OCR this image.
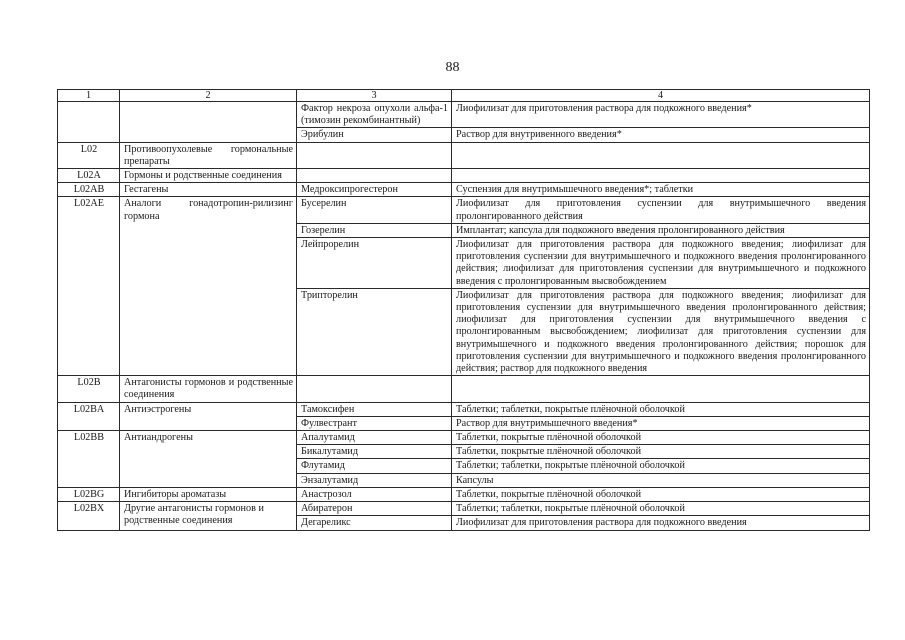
88
1	2	3	4
		Фактор некроза опухоли альфа-1 (тимозин рекомбинантный)	Лиофилизат для приготовления раствора для подкожного введения*
		Эрибулин	Раствор для внутривенного введения*
L02	Противоопухолевые гормональные препараты		
L02A	Гормоны и родственные соединения		
L02AB	Гестагены	Медроксипрогестерон	Суспензия для внутримышечного введения*; таблетки
L02AE	Аналоги гонадотропин-рилизинг гормона	Бусерелин	Лиофилизат для приготовления суспензии для внутримышечного введения пролонгированного действия
		Гозерелин	Имплантат; капсула для подкожного введения пролонгированного действия
		Лейпрорелин	Лиофилизат для приготовления раствора для подкожного введения; лиофилизат для приготовления суспензии для внутримышечного и подкожного введения пролонгированного действия; лиофилизат для приготовления суспензии для внутримышечного и подкожного введения с пролонгированным высвобождением
		Трипторелин	Лиофилизат для приготовления раствора для подкожного введения; лиофилизат для приготовления суспензии для внутримышечного введения пролонгированного действия; лиофилизат для приготовления суспензии для внутримышечного введения с пролонгированным высвобождением; лиофилизат для приготовления суспензии для внутримышечного и подкожного введения пролонгированного действия; порошок для приготовления суспензии для внутримышечного и подкожного введения пролонгированного действия; раствор для подкожного введения
L02B	Антагонисты гормонов и родственные соединения		
L02BA	Антиэстрогены	Тамоксифен	Таблетки; таблетки, покрытые плёночной оболочкой
		Фулвестрант	Раствор для внутримышечного введения*
L02BB	Антиандрогены	Апалутамид	Таблетки, покрытые плёночной оболочкой
		Бикалутамид	Таблетки, покрытые плёночной оболочкой
		Флутамид	Таблетки; таблетки, покрытые плёночной оболочкой
		Энзалутамид	Капсулы
L02BG	Ингибиторы ароматазы	Анастрозол	Таблетки, покрытые плёночной оболочкой
L02BX	Другие антагонисты гормонов и родственные соединения	Абиратерон	Таблетки; таблетки, покрытые плёночной оболочкой
		Дегареликс	Лиофилизат для приготовления раствора для подкожного введения
